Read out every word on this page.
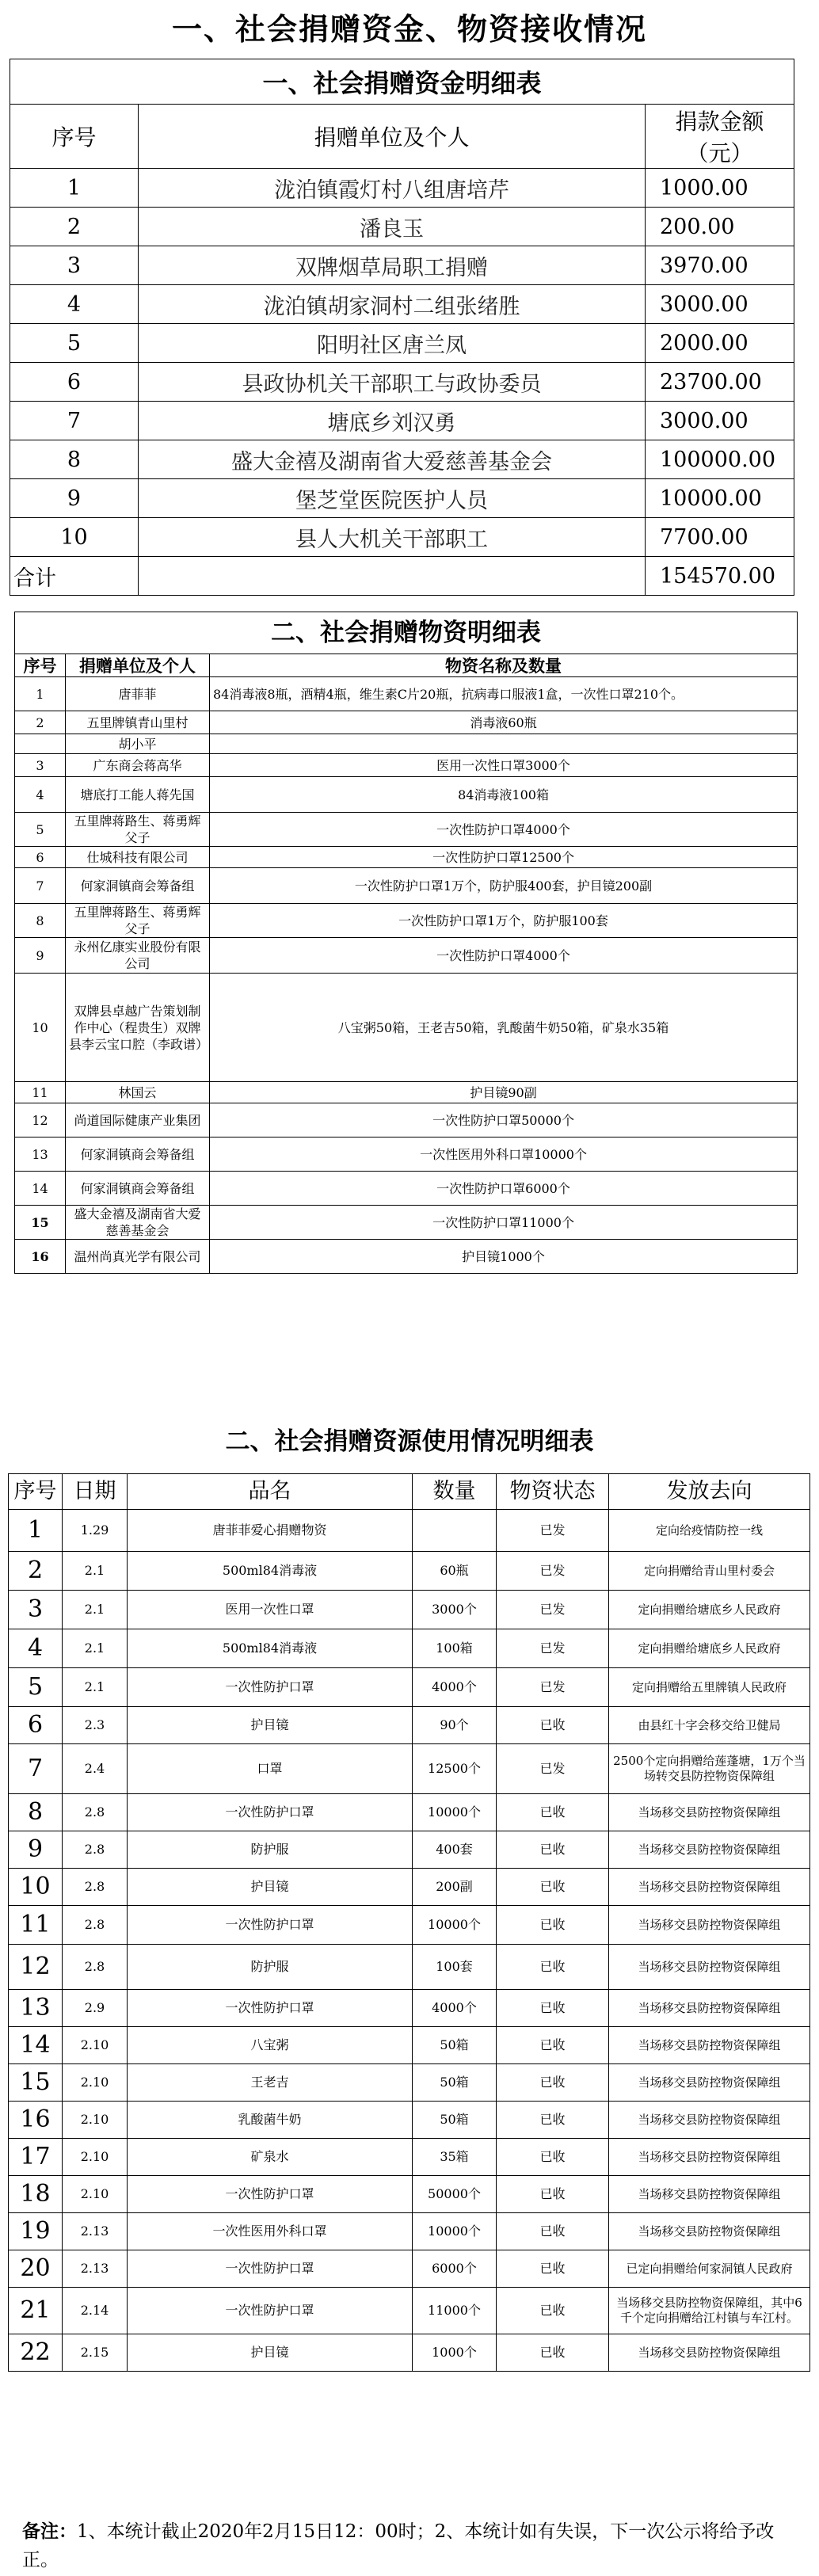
一、社会捐赠资金、物资接收情况
一、社会捐赠资金明细表		
序号	捐赠单位及个人	捐款金额（元）
1	泷泊镇霞灯村八组唐培芹	1000.00
2	潘良玉	200.00
3	双牌烟草局职工捐赠	3970.00
4	泷泊镇胡家洞村二组张绪胜	3000.00
5	阳明社区唐兰凤	2000.00
6	县政协机关干部职工与政协委员	23700.00
7	塘底乡刘汉勇	3000.00
8	盛大金禧及湖南省大爱慈善基金会	100000.00
9	堡芝堂医院医护人员	10000.00
10	县人大机关干部职工	7700.00
合计		154570.00
二、社会捐赠物资明细表		
序号	捐赠单位及个人	物资名称及数量
1	唐菲菲	84消毒液8瓶，酒精4瓶，维生素C片20瓶，抗病毒口服液1盒，一次性口罩210个。
2	五里牌镇青山里村	消毒液60瓶
	胡小平	
3	广东商会蒋高华	医用一次性口罩3000个
4	塘底打工能人蒋先国	84消毒液100箱
5	五里牌蒋路生、蒋勇辉父子	一次性防护口罩4000个
6	仕城科技有限公司	一次性防护口罩12500个
7	何家洞镇商会筹备组	一次性防护口罩1万个，防护服400套，护目镜200副
8	五里牌蒋路生、蒋勇辉父子	一次性防护口罩1万个，防护服100套
9	永州亿康实业股份有限公司	一次性防护口罩4000个
10	双牌县卓越广告策划制作中心（程贵生）双牌县李云宝口腔（李政谱）	八宝粥50箱，王老吉50箱，乳酸菌牛奶50箱，矿泉水35箱
11	林国云	护目镜90副
12	尚道国际健康产业集团	一次性防护口罩50000个
13	何家洞镇商会筹备组	一次性医用外科口罩10000个
14	何家洞镇商会筹备组	一次性防护口罩6000个
15	盛大金禧及湖南省大爱慈善基金会	一次性防护口罩11000个
16	温州尚真光学有限公司	护目镜1000个
二、社会捐赠资源使用情况明细表
序号	日期	品名	数量	物资状态	发放去向
1	1.29	唐菲菲爱心捐赠物资		已发	定向给疫情防控一线
2	2.1	500ml84消毒液	60瓶	已发	定向捐赠给青山里村委会
3	2.1	医用一次性口罩	3000个	已发	定向捐赠给塘底乡人民政府
4	2.1	500ml84消毒液	100箱	已发	定向捐赠给塘底乡人民政府
5	2.1	一次性防护口罩	4000个	已发	定向捐赠给五里牌镇人民政府
6	2.3	护目镜	90个	已收	由县红十字会移交给卫健局
7	2.4	口罩	12500个	已发	2500个定向捐赠给莲蓬塘，1万个当场转交县防控物资保障组
8	2.8	一次性防护口罩	10000个	已收	当场移交县防控物资保障组
9	2.8	防护服	400套	已收	当场移交县防控物资保障组
10	2.8	护目镜	200副	已收	当场移交县防控物资保障组
11	2.8	一次性防护口罩	10000个	已收	当场移交县防控物资保障组
12	2.8	防护服	100套	已收	当场移交县防控物资保障组
13	2.9	一次性防护口罩	4000个	已收	当场移交县防控物资保障组
14	2.10	八宝粥	50箱	已收	当场移交县防控物资保障组
15	2.10	王老吉	50箱	已收	当场移交县防控物资保障组
16	2.10	乳酸菌牛奶	50箱	已收	当场移交县防控物资保障组
17	2.10	矿泉水	35箱	已收	当场移交县防控物资保障组
18	2.10	一次性防护口罩	50000个	已收	当场移交县防控物资保障组
19	2.13	一次性医用外科口罩	10000个	已收	当场移交县防控物资保障组
20	2.13	一次性防护口罩	6000个	已收	已定向捐赠给何家洞镇人民政府
21	2.14	一次性防护口罩	11000个	已收	当场移交县防控物资保障组，其中6千个定向捐赠给江村镇与车江村。
22	2.15	护目镜	1000个	已收	当场移交县防控物资保障组
备注：1、本统计截止2020年2月15日12：00时；2、本统计如有失误，下一次公示将给予改正。
